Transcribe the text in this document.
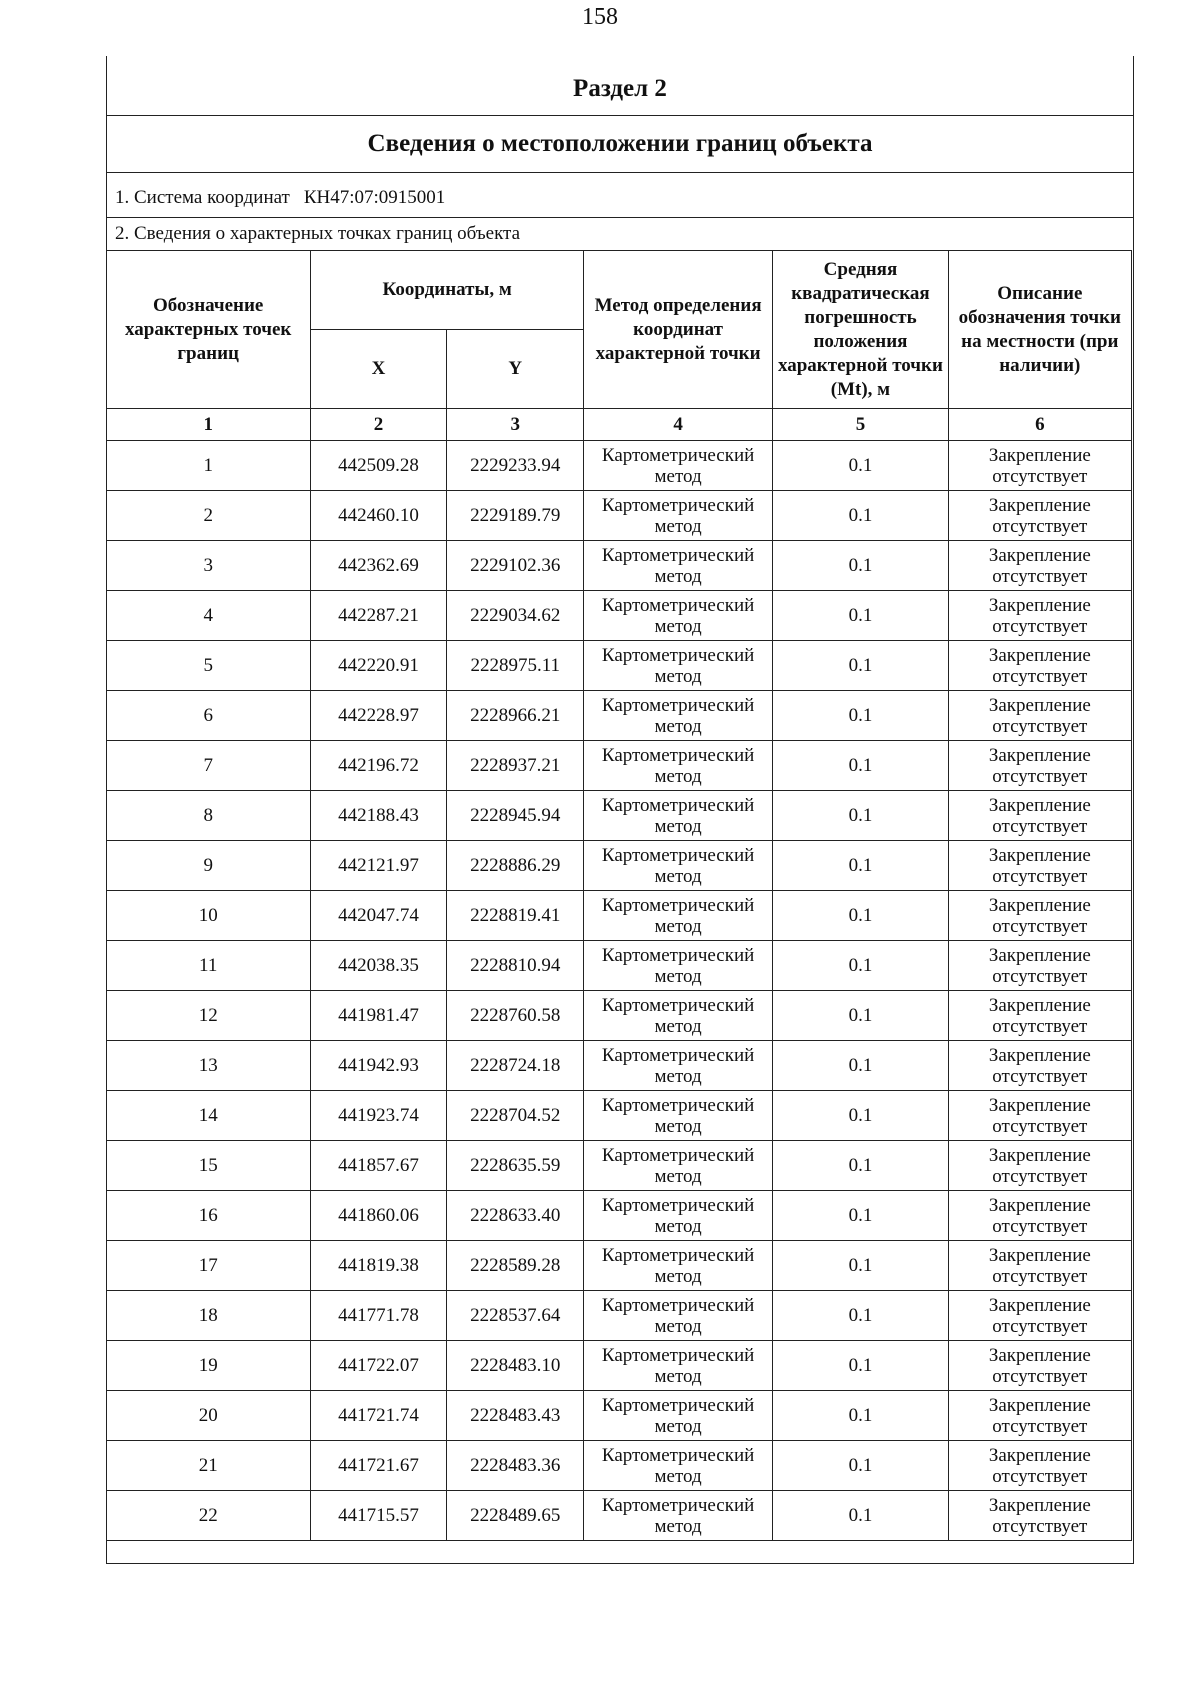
158
Раздел 2
Сведения о местоположении границ объекта
1. Система координат КН47:07:0915001
2. Сведения о характерных точках границ объекта
Обозначение характерных точек границ	Координаты, м		Метод определения координат характерной точки	Средняя квадратическая погрешность положения характерной точки (Mt), м	Описание обозначения точки на местности (при наличии)
	X	Y			
1	2	3	4	5	6
1	442509.28	2229233.94	Картометрический метод	0.1	Закрепление отсутствует
2	442460.10	2229189.79	Картометрический метод	0.1	Закрепление отсутствует
3	442362.69	2229102.36	Картометрический метод	0.1	Закрепление отсутствует
4	442287.21	2229034.62	Картометрический метод	0.1	Закрепление отсутствует
5	442220.91	2228975.11	Картометрический метод	0.1	Закрепление отсутствует
6	442228.97	2228966.21	Картометрический метод	0.1	Закрепление отсутствует
7	442196.72	2228937.21	Картометрический метод	0.1	Закрепление отсутствует
8	442188.43	2228945.94	Картометрический метод	0.1	Закрепление отсутствует
9	442121.97	2228886.29	Картометрический метод	0.1	Закрепление отсутствует
10	442047.74	2228819.41	Картометрический метод	0.1	Закрепление отсутствует
11	442038.35	2228810.94	Картометрический метод	0.1	Закрепление отсутствует
12	441981.47	2228760.58	Картометрический метод	0.1	Закрепление отсутствует
13	441942.93	2228724.18	Картометрический метод	0.1	Закрепление отсутствует
14	441923.74	2228704.52	Картометрический метод	0.1	Закрепление отсутствует
15	441857.67	2228635.59	Картометрический метод	0.1	Закрепление отсутствует
16	441860.06	2228633.40	Картометрический метод	0.1	Закрепление отсутствует
17	441819.38	2228589.28	Картометрический метод	0.1	Закрепление отсутствует
18	441771.78	2228537.64	Картометрический метод	0.1	Закрепление отсутствует
19	441722.07	2228483.10	Картометрический метод	0.1	Закрепление отсутствует
20	441721.74	2228483.43	Картометрический метод	0.1	Закрепление отсутствует
21	441721.67	2228483.36	Картометрический метод	0.1	Закрепление отсутствует
22	441715.57	2228489.65	Картометрический метод	0.1	Закрепление отсутствует
